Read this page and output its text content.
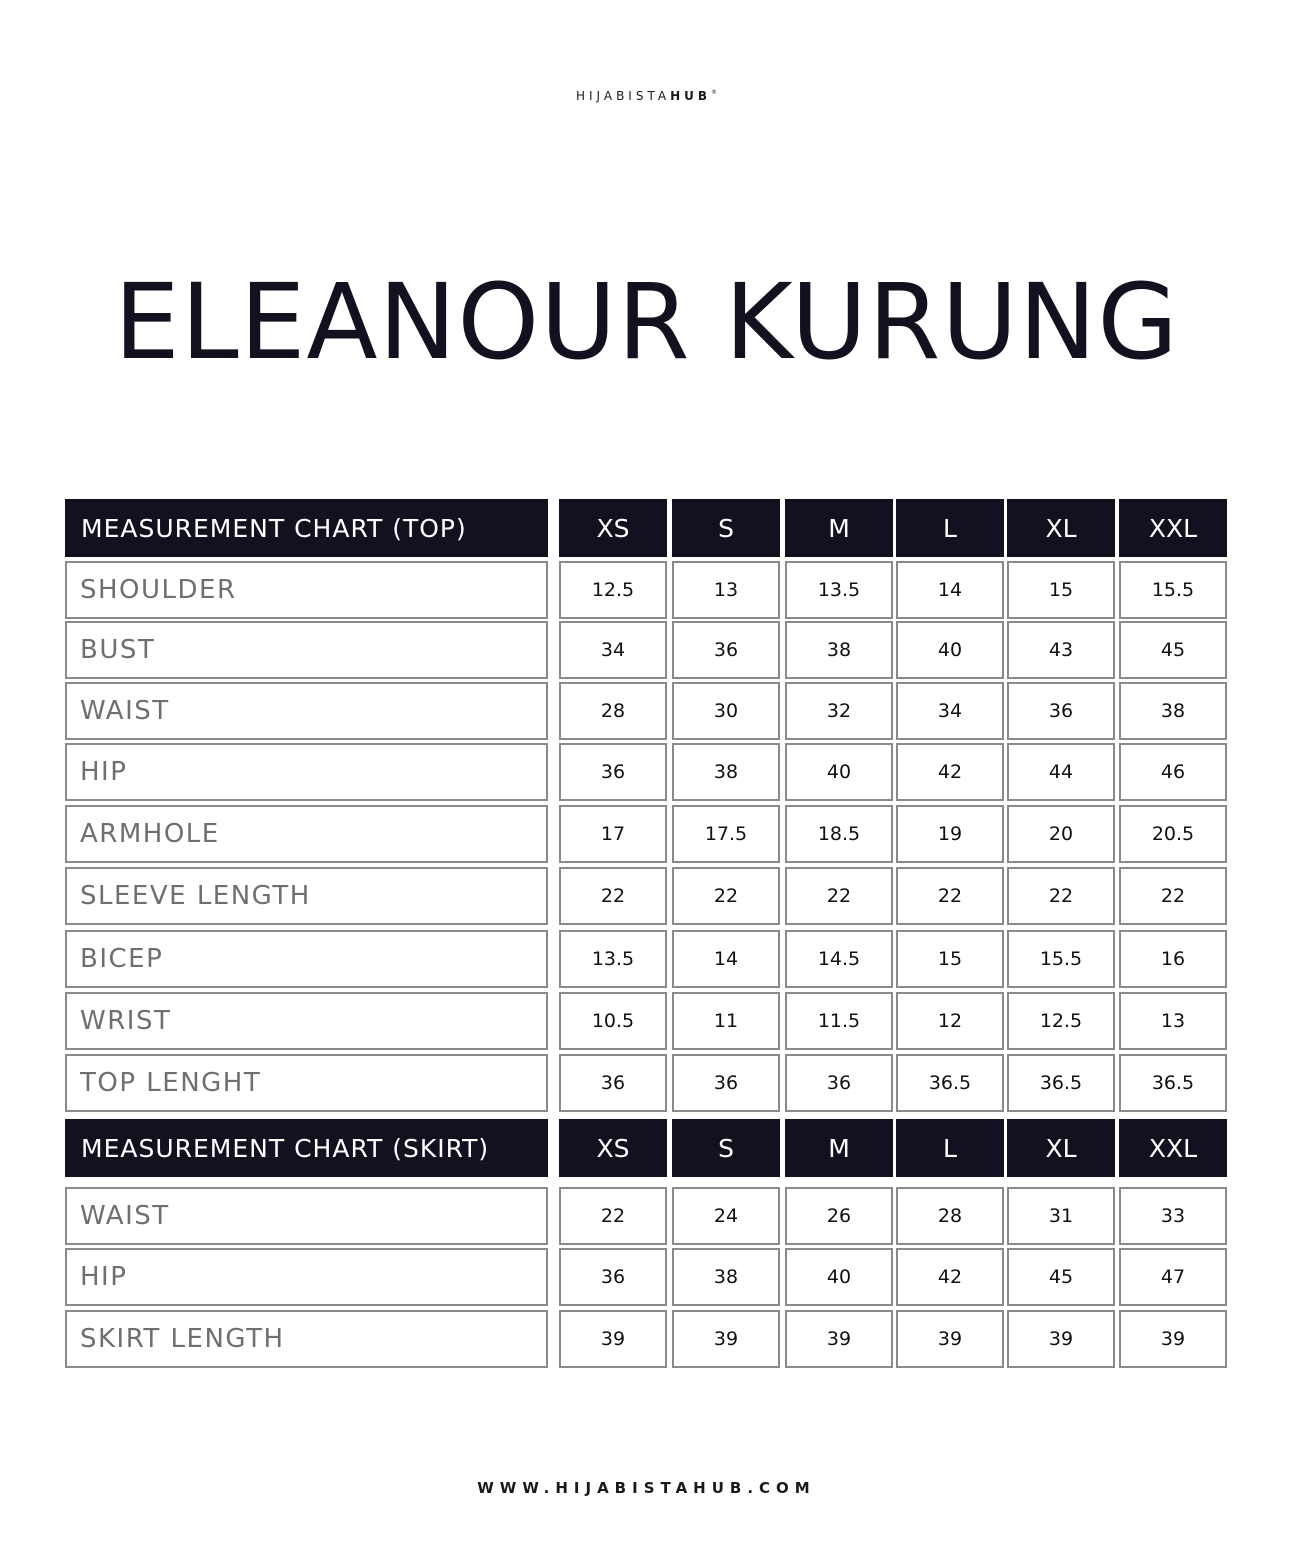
HIJABISTAHUB®
ELEANOUR KURUNG
MEASUREMENT CHART (TOP)	XS	S	M	L	XL	XXL
SHOULDER	12.5	13	13.5	14	15	15.5
BUST	34	36	38	40	43	45
WAIST	28	30	32	34	36	38
HIP	36	38	40	42	44	46
ARMHOLE	17	17.5	18.5	19	20	20.5
SLEEVE LENGTH	22	22	22	22	22	22
BICEP	13.5	14	14.5	15	15.5	16
WRIST	10.5	11	11.5	12	12.5	13
TOP LENGHT	36	36	36	36.5	36.5	36.5
MEASUREMENT CHART (SKIRT)	XS	S	M	L	XL	XXL
WAIST	22	24	26	28	31	33
HIP	36	38	40	42	45	47
SKIRT LENGTH	39	39	39	39	39	39
WWW.HIJABISTAHUB.COM
